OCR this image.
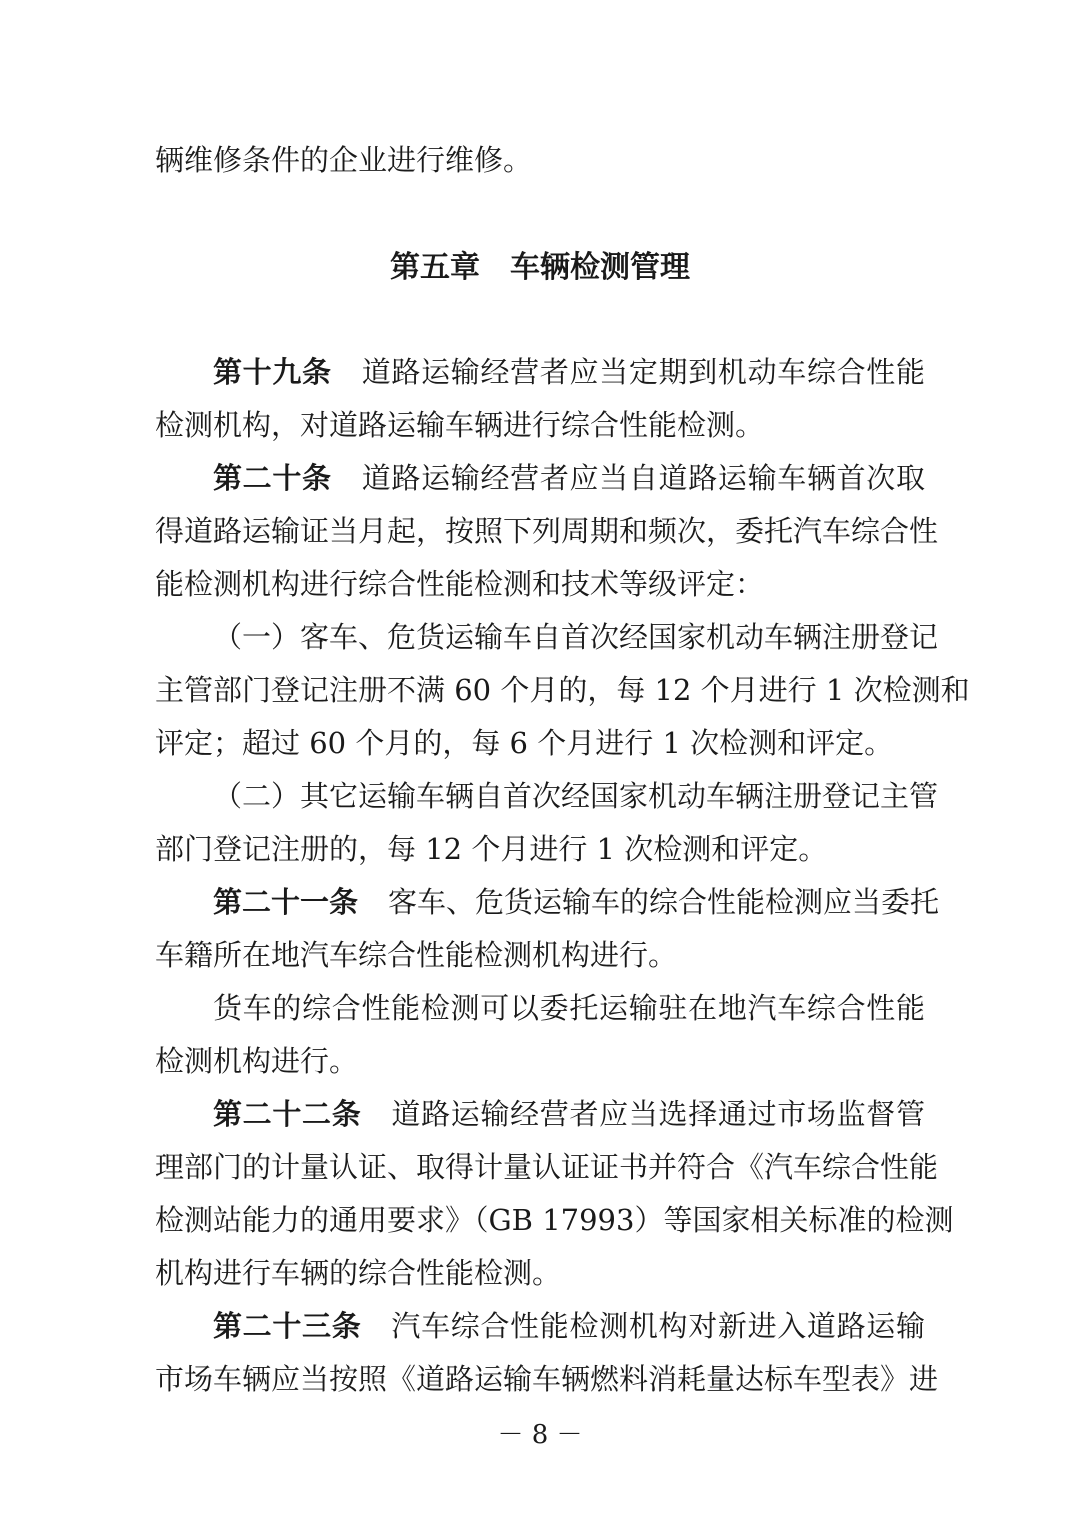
辆维修条件的企业进行维修。
第五章　车辆检测管理
第十九条 道路运输经营者应当定期到机动车综合性能
检测机构，对道路运输车辆进行综合性能检测。
第二十条 道路运输经营者应当自道路运输车辆首次取
得道路运输证当月起，按照下列周期和频次，委托汽车综合性
能检测机构进行综合性能检测和技术等级评定：
（一）客车、危货运输车自首次经国家机动车辆注册登记
主管部门登记注册不满 60 个月的，每 12 个月进行 1 次检测和
评定；超过 60 个月的，每 6 个月进行 1 次检测和评定。
（二）其它运输车辆自首次经国家机动车辆注册登记主管
部门登记注册的，每 12 个月进行 1 次检测和评定。
第二十一条 客车、危货运输车的综合性能检测应当委托
车籍所在地汽车综合性能检测机构进行。
货车的综合性能检测可以委托运输驻在地汽车综合性能
检测机构进行。
第二十二条 道路运输经营者应当选择通过市场监督管
理部门的计量认证、取得计量认证证书并符合《汽车综合性能
检测站能力的通用要求》（GB 17993）等国家相关标准的检测
机构进行车辆的综合性能检测。
第二十三条 汽车综合性能检测机构对新进入道路运输
市场车辆应当按照《道路运输车辆燃料消耗量达标车型表》进
－ 8 －
